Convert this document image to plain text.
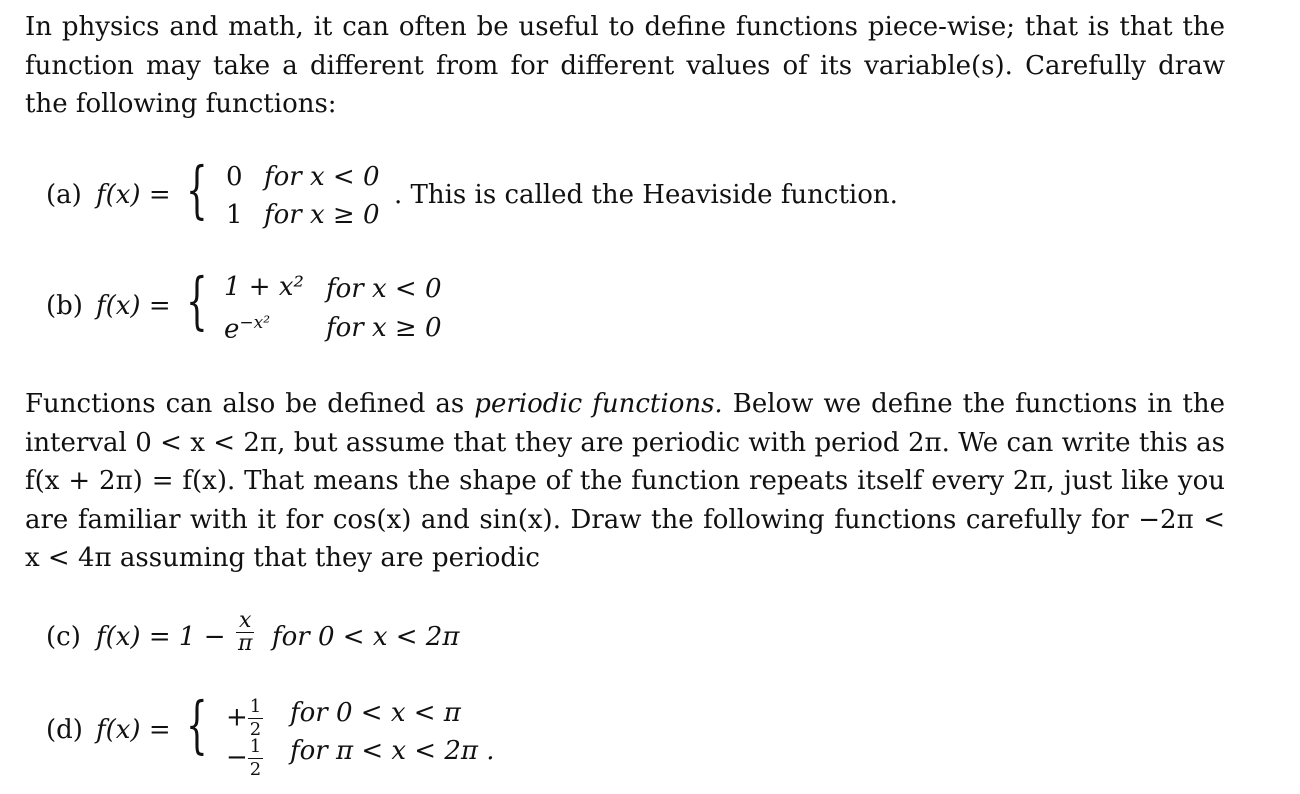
In physics and math, it can often be useful to define functions piece-wise; that is that the function may take a different from for different values of its variable(s). Carefully draw the following functions:
(a) f(x) = { 0 for x < 0
1 for x ≥ 0
. This is called the Heaviside function.
(b) f(x) = { 1 + x² for x < 0
$e^{-x^2}$ for x ≥ 0
Functions can also be defined as periodic functions. Below we define the functions in the interval 0 < x < 2π, but assume that they are periodic with period 2π. We can write this as f(x + 2π) = f(x). That means the shape of the function repeats itself every 2π, just like you are familiar with it for cos(x) and sin(x). Draw the following functions carefully for −2π < x < 4π assuming that they are periodic
(c) $f(x) = 1 - \frac{x}{\pi}$ for 0 < x < 2π
(d) f(x) = { + $\frac{1}{2}$ for 0 < x < π
− $\frac{1}{2}$ for π < x < 2π .
